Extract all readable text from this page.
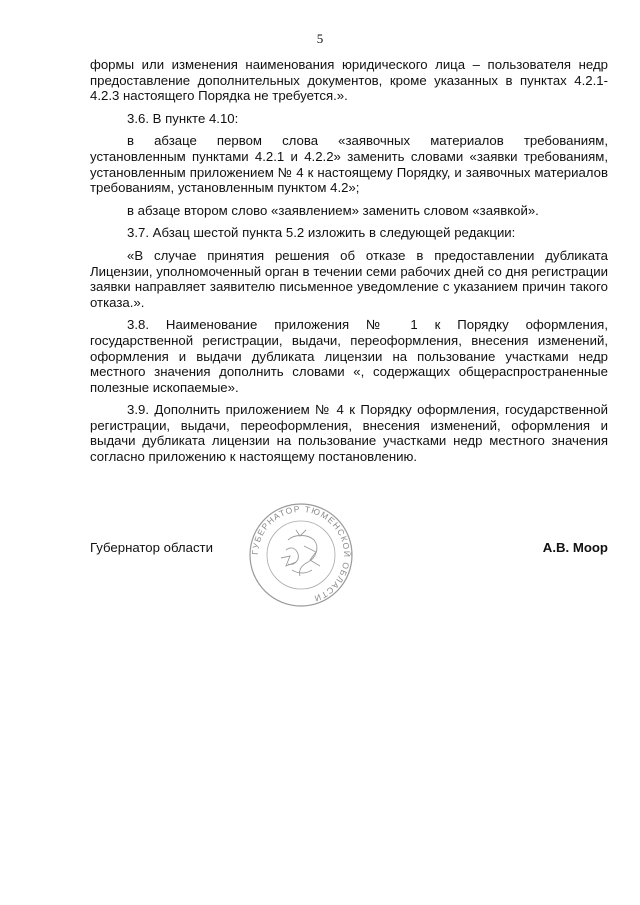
5

формы или изменения наименования юридического лица – пользователя недр предоставление дополнительных документов, кроме указанных в пунктах 4.2.1-4.2.3 настоящего Порядка не требуется.».

3.6. В пункте 4.10:

в абзаце первом слова «заявочных материалов требованиям, установленным пунктами 4.2.1 и 4.2.2» заменить словами «заявки требованиям, установленным приложением № 4 к настоящему Порядку, и заявочных материалов требованиям, установленным пунктом 4.2»;

в абзаце втором слово «заявлением» заменить словом «заявкой».

3.7. Абзац шестой пункта 5.2 изложить в следующей редакции:

«В случае принятия решения об отказе в предоставлении дубликата Лицензии, уполномоченный орган в течении семи рабочих дней со дня регистрации заявки направляет заявителю письменное уведомление с указанием причин такого отказа.».

3.8. Наименование приложения № 1 к Порядку оформления, государственной регистрации, выдачи, переоформления, внесения изменений, оформления и выдачи дубликата лицензии на пользование участками недр местного значения дополнить словами «, содержащих общераспространенные полезные ископаемые».

3.9. Дополнить приложением № 4 к Порядку оформления, государственной регистрации, выдачи, переоформления, внесения изменений, оформления и выдачи дубликата лицензии на пользование участками недр местного значения согласно приложению к настоящему постановлению.

ГУБЕРНАТОР ТЮМЕНСКОЙ ОБЛАСТИ
Губернатор области	А.В. Моор
